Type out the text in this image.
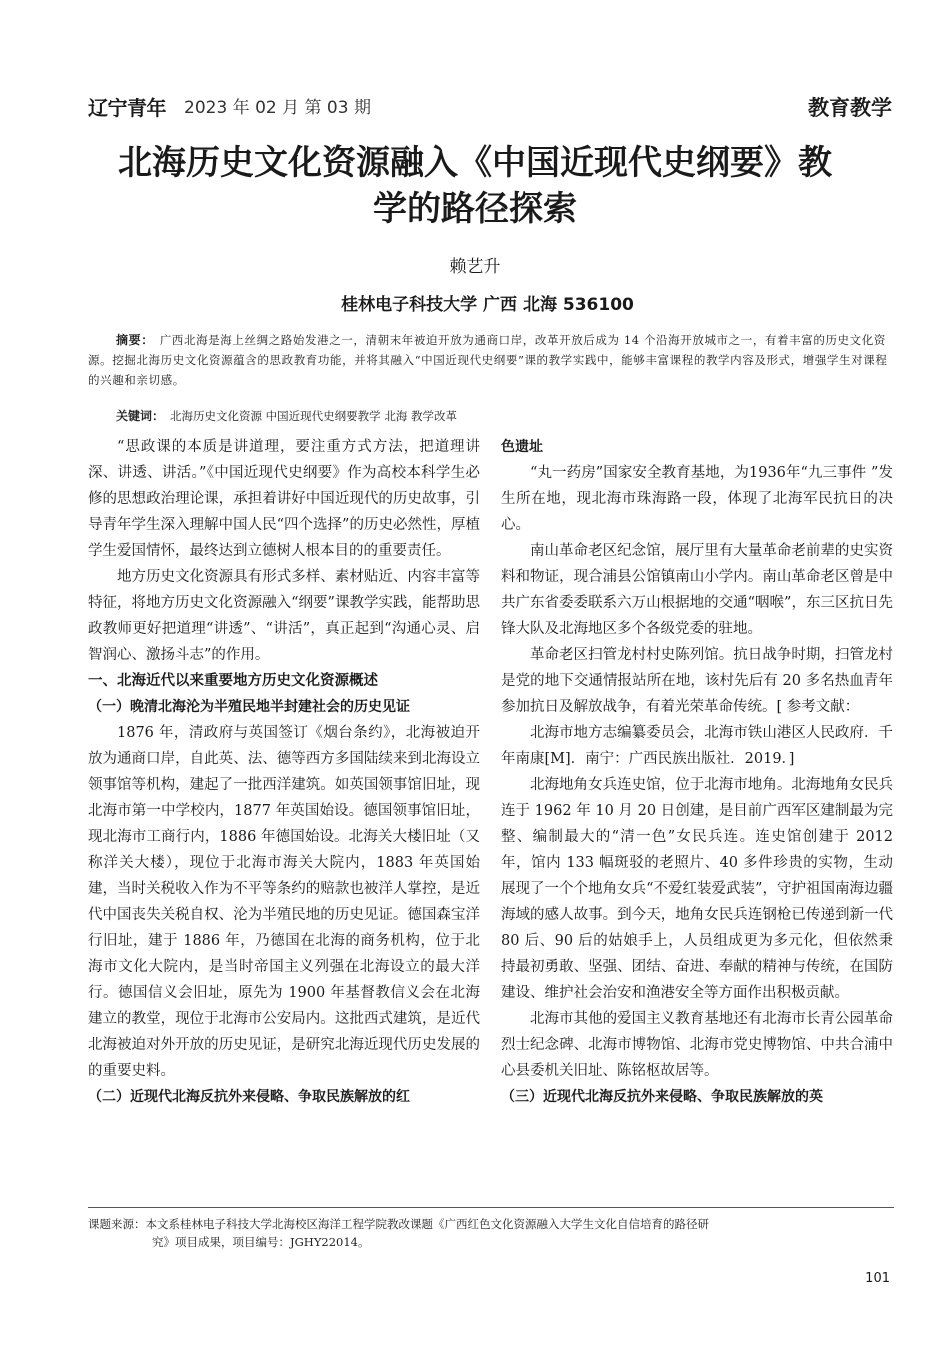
辽宁青年 2023 年 02 月 第 03 期	教育教学
北海历史文化资源融入《中国近现代史纲要》教
学的路径探索
赖艺升
桂林电子科技大学 广西 北海 536100
摘要： 广西北海是海上丝绸之路始发港之一，清朝末年被迫开放为通商口岸，改革开放后成为 14 个沿海开放城市之一，有着丰富的历史文化资源。挖掘北海历史文化资源蕴含的思政教育功能，并将其融入“中国近现代史纲要”课的教学实践中，能够丰富课程的教学内容及形式，增强学生对课程的兴趣和亲切感。
关键词： 北海历史文化资源 中国近现代史纲要教学 北海 教学改革

“思政课的本质是讲道理，要注重方式方法，把道理讲深、讲透、讲活。”《中国近现代史纲要》作为高校本科学生必修的思想政治理论课，承担着讲好中国近现代的历史故事，引导青年学生深入理解中国人民“四个选择”的历史必然性，厚植学生爱国情怀，最终达到立德树人根本目的的重要责任。

地方历史文化资源具有形式多样、素材贴近、内容丰富等特征，将地方历史文化资源融入“纲要”课教学实践，能帮助思政教师更好把道理“讲透”、“讲活”，真正起到“沟通心灵、启智润心、激扬斗志”的作用。

一、北海近代以来重要地方历史文化资源概述
（一）晚清北海沦为半殖民地半封建社会的历史见证

1876 年，清政府与英国签订《烟台条约》，北海被迫开放为通商口岸，自此英、法、德等西方多国陆续来到北海设立领事馆等机构，建起了一批西洋建筑。如英国领事馆旧址，现北海市第一中学校内，1877 年英国始设。德国领事馆旧址，现北海市工商行内，1886 年德国始设。北海关大楼旧址（又称洋关大楼），现位于北海市海关大院内，1883 年英国始建，当时关税收入作为不平等条约的赔款也被洋人掌控，是近代中国丧失关税自权、沦为半殖民地的历史见证。德国森宝洋行旧址，建于 1886 年，乃德国在北海的商务机构，位于北海市文化大院内，是当时帝国主义列强在北海设立的最大洋行。德国信义会旧址，原先为 1900 年基督教信义会在北海建立的教堂，现位于北海市公安局内。这批西式建筑，是近代北海被迫对外开放的历史见证，是研究北海近现代历史发展的的重要史料。

（二）近现代北海反抗外来侵略、争取民族解放的红
色遗址

“丸一药房”国家安全教育基地，为1936年“九三事件 ”发生所在地，现北海市珠海路一段，体现了北海军民抗日的决心。

南山革命老区纪念馆，展厅里有大量革命老前辈的史实资料和物证，现合浦县公馆镇南山小学内。南山革命老区曾是中共广东省委委联系六万山根据地的交通“咽喉”，东三区抗日先锋大队及北海地区多个各级党委的驻地。

革命老区扫管龙村村史陈列馆。抗日战争时期，扫管龙村是党的地下交通情报站所在地，该村先后有 20 多名热血青年参加抗日及解放战争，有着光荣革命传统。[ 参考文献：

北海市地方志编纂委员会，北海市铁山港区人民政府．千年南康[M]．南宁：广西民族出版社．2019．]

北海地角女兵连史馆，位于北海市地角。北海地角女民兵连于 1962 年 10 月 20 日创建，是目前广西军区建制最为完整、编制最大的“清一色”女民兵连。连史馆创建于 2012 年，馆内 133 幅斑驳的老照片、40 多件珍贵的实物，生动展现了一个个地角女兵“不爱红装爱武装”，守护祖国南海边疆海域的感人故事。到今天，地角女民兵连钢枪已传递到新一代 80 后、90 后的姑娘手上，人员组成更为多元化，但依然秉持最初勇敢、坚强、团结、奋进、奉献的精神与传统，在国防建设、维护社会治安和渔港安全等方面作出积极贡献。

北海市其他的爱国主义教育基地还有北海市长青公园革命烈士纪念碑、北海市博物馆、北海市党史博物馆、中共合浦中心县委机关旧址、陈铭枢故居等。

（三）近现代北海反抗外来侵略、争取民族解放的英
课题来源：本文系桂林电子科技大学北海校区海洋工程学院教改课题《广西红色文化资源融入大学生文化自信培育的路径研
究》项目成果，项目编号：JGHY22014。
101
